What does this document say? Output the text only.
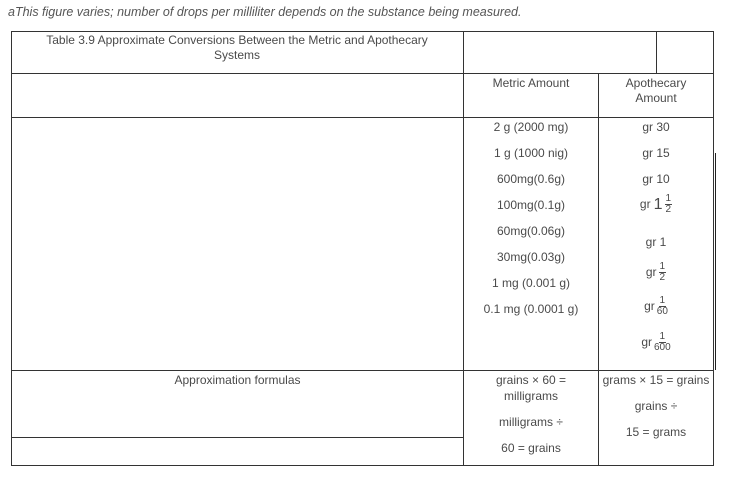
aThis figure varies; number of drops per milliliter depends on the substance being measured.
Table 3.9 Approximate Conversions Between the Metric and Apothecary Systems
Metric Amount	Apothecary Amount
2 g (2000 mg)
1 g (1000 nig)
600mg(0.6g)
100mg(0.1g)
60mg(0.06g)
30mg(0.03g)
1 mg (0.001 g)
0.1 mg (0.0001 g)
gr 30
gr 15
gr 10
gr $1 \frac{1}{2}$
gr 1
gr $\frac{1}{2}$
gr $\frac{1}{60}$
gr $\frac{1}{600}$
Approximation formulas	grains × 60 =
milligrams
milligrams ÷
60 = grains
grams × 15 = grains
grains ÷
15 = grams
